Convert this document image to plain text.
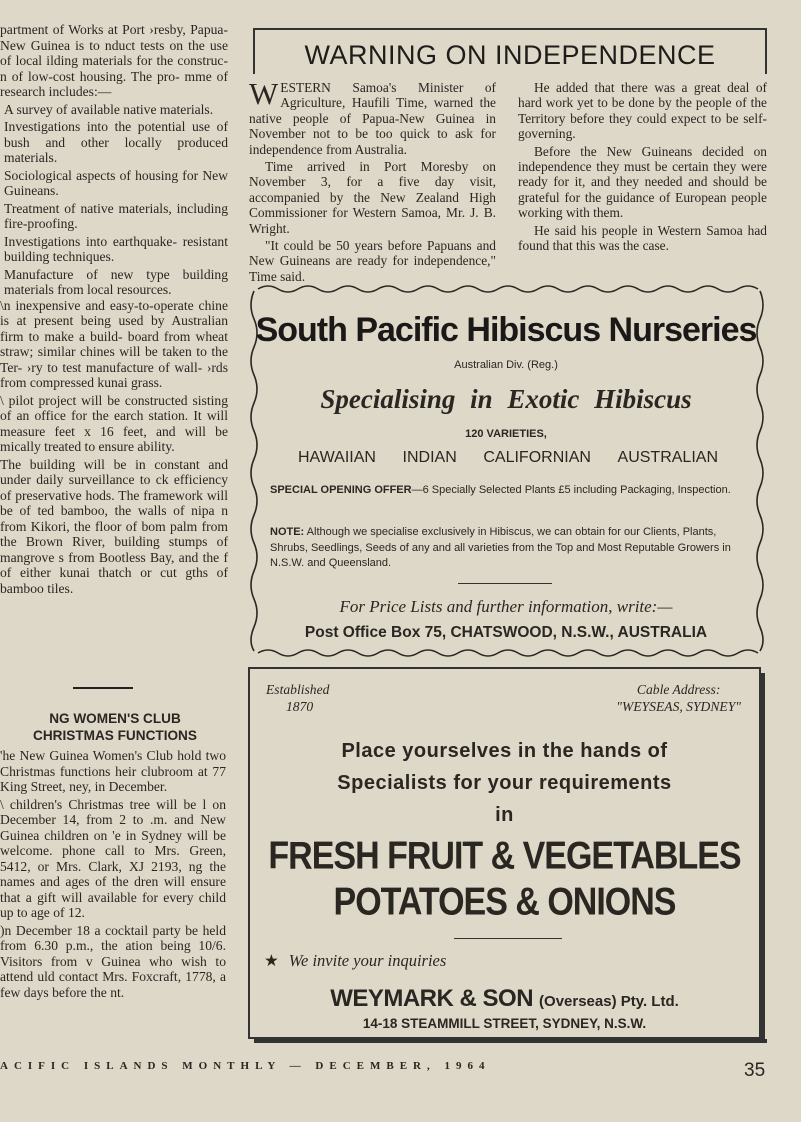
partment of Works at Port ›resby, Papua-New Guinea is to nduct tests on the use of local ilding materials for the construc- n of low-cost housing. The pro- mme of research includes:—

A survey of available native materials.
Investigations into the potential use of bush and other locally produced materials.
Sociological aspects of housing for New Guineans.
Treatment of native materials, including fire-proofing.
Investigations into earthquake- resistant building techniques.
Manufacture of new type building materials from local resources.

\n inexpensive and easy-to-operate chine is at present being used by Australian firm to make a build- board from wheat straw; similar chines will be taken to the Ter- ›ry to test manufacture of wall- ›rds from compressed kunai grass.

\ pilot project will be constructed sisting of an office for the earch station. It will measure feet x 16 feet, and will be mically treated to ensure ability.

The building will be in constant and under daily surveillance to ck efficiency of preservative hods. The framework will be of ted bamboo, the walls of nipa n from Kikori, the floor of bom palm from the Brown River, building stumps of mangrove s from Bootless Bay, and the f of either kunai thatch or cut gths of bamboo tiles.

NG WOMEN'S CLUB
CHRISTMAS FUNCTIONS

'he New Guinea Women's Club hold two Christmas functions heir clubroom at 77 King Street, ney, in December.

\ children's Christmas tree will be l on December 14, from 2 to .m. and New Guinea children on 'e in Sydney will be welcome. phone call to Mrs. Green, 5412, or Mrs. Clark, XJ 2193, ng the names and ages of the dren will ensure that a gift will available for every child up to age of 12.

)n December 18 a cocktail party be held from 6.30 p.m., the ation being 10/6. Visitors from v Guinea who wish to attend uld contact Mrs. Foxcraft, 1778, a few days before the nt.

WARNING ON INDEPENDENCE

WESTERN Samoa's Minister of Agriculture, Haufili Time, warned the native people of Papua-New Guinea in November not to be too quick to ask for independence from Australia.

Time arrived in Port Moresby on November 3, for a five day visit, accompanied by the New Zealand High Commissioner for Western Samoa, Mr. J. B. Wright.

"It could be 50 years before Papuans and New Guineans are ready for independence," Time said.

He added that there was a great deal of hard work yet to be done by the people of the Territory before they could expect to be self-governing.

Before the New Guineans decided on independence they must be certain they were ready for it, and they needed and should be grateful for the guidance of European people working with them.

He said his people in Western Samoa had found that this was the case.

South Pacific Hibiscus Nurseries
Australian Div. (Reg.)
Specialising in Exotic Hibiscus
120 VARIETIES,
HAWAIIAN INDIAN CALIFORNIAN AUSTRALIAN
SPECIAL OPENING OFFER—6 Specially Selected Plants £5 including Packaging, Inspection.
NOTE: Although we specialise exclusively in Hibiscus, we can obtain for our Clients, Plants, Shrubs, Seedlings, Seeds of any and all varieties from the Top and Most Reputable Growers in N.S.W. and Queensland.
For Price Lists and further information, write:—
Post Office Box 75, CHATSWOOD, N.S.W., AUSTRALIA
Established
1870
Cable Address:
"WEYSEAS, SYDNEY"
Place yourselves in the hands of
Specialists for your requirements
in
FRESH FRUIT & VEGETABLES
POTATOES & ONIONS
★ We invite your inquiries
WEYMARK & SON (Overseas) Pty. Ltd.
14-18 STEAMMILL STREET, SYDNEY, N.S.W.
ACIFIC ISLANDS MONTHLY — DECEMBER, 1964	35
